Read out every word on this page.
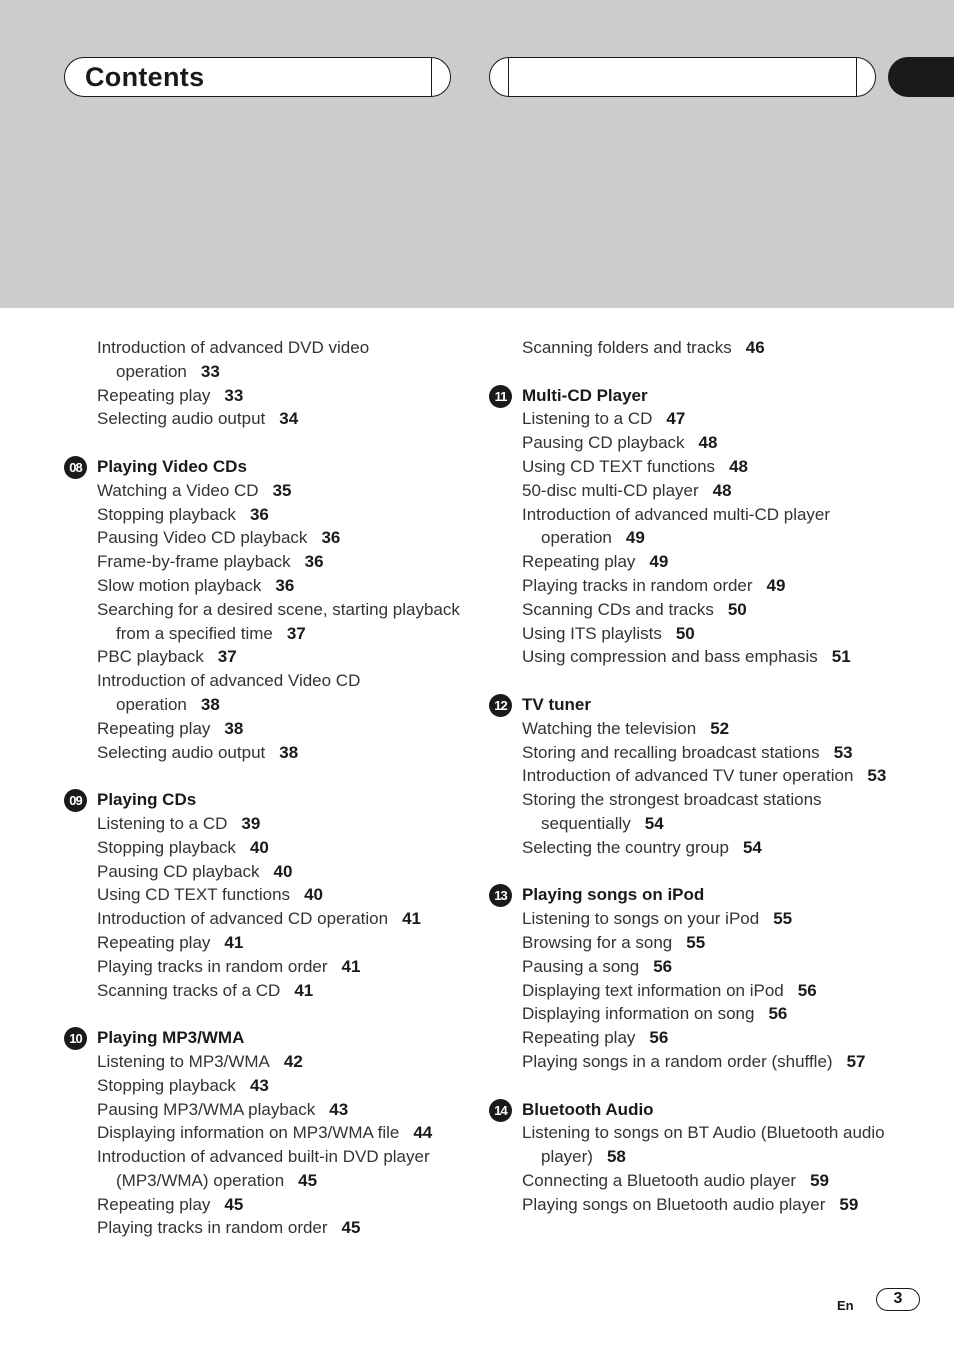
Contents
Introduction of advanced DVD video operation 33
Repeating play 33
Selecting audio output 34
08 Playing Video CDs
Watching a Video CD 35
Stopping playback 36
Pausing Video CD playback 36
Frame-by-frame playback 36
Slow motion playback 36
Searching for a desired scene, starting playback from a specified time 37
PBC playback 37
Introduction of advanced Video CD operation 38
Repeating play 38
Selecting audio output 38
09 Playing CDs
Listening to a CD 39
Stopping playback 40
Pausing CD playback 40
Using CD TEXT functions 40
Introduction of advanced CD operation 41
Repeating play 41
Playing tracks in random order 41
Scanning tracks of a CD 41
10 Playing MP3/WMA
Listening to MP3/WMA 42
Stopping playback 43
Pausing MP3/WMA playback 43
Displaying information on MP3/WMA file 44
Introduction of advanced built-in DVD player (MP3/WMA) operation 45
Repeating play 45
Playing tracks in random order 45
Scanning folders and tracks 46
11 Multi-CD Player
Listening to a CD 47
Pausing CD playback 48
Using CD TEXT functions 48
50-disc multi-CD player 48
Introduction of advanced multi-CD player operation 49
Repeating play 49
Playing tracks in random order 49
Scanning CDs and tracks 50
Using ITS playlists 50
Using compression and bass emphasis 51
12 TV tuner
Watching the television 52
Storing and recalling broadcast stations 53
Introduction of advanced TV tuner operation 53
Storing the strongest broadcast stations sequentially 54
Selecting the country group 54
13 Playing songs on iPod
Listening to songs on your iPod 55
Browsing for a song 55
Pausing a song 56
Displaying text information on iPod 56
Displaying information on song 56
Repeating play 56
Playing songs in a random order (shuffle) 57
14 Bluetooth Audio
Listening to songs on BT Audio (Bluetooth audio player) 58
Connecting a Bluetooth audio player 59
Playing songs on Bluetooth audio player 59
En	3
